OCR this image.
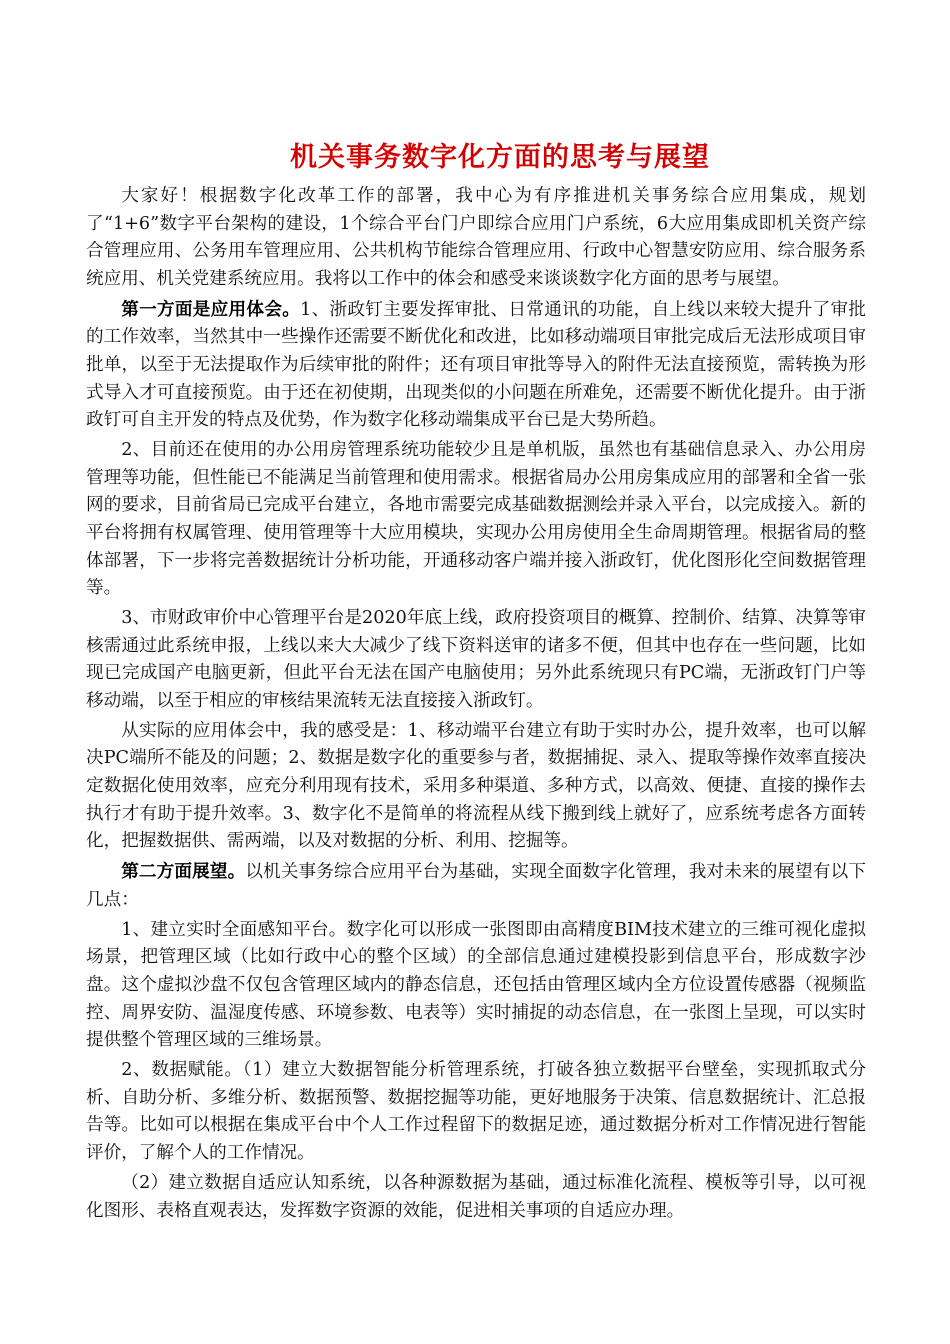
机关事务数字化方面的思考与展望

大家好！根据数字化改革工作的部署，我中心为有序推进机关事务综合应用集成，规划了“1+6”数字平台架构的建设，1个综合平台门户即综合应用门户系统，6大应用集成即机关资产综合管理应用、公务用车管理应用、公共机构节能综合管理应用、行政中心智慧安防应用、综合服务系统应用、机关党建系统应用。我将以工作中的体会和感受来谈谈数字化方面的思考与展望。

第一方面是应用体会。1、浙政钉主要发挥审批、日常通讯的功能，自上线以来较大提升了审批的工作效率，当然其中一些操作还需要不断优化和改进，比如移动端项目审批完成后无法形成项目审批单，以至于无法提取作为后续审批的附件；还有项目审批等导入的附件无法直接预览，需转换为形式导入才可直接预览。由于还在初使期，出现类似的小问题在所难免，还需要不断优化提升。由于浙政钉可自主开发的特点及优势，作为数字化移动端集成平台已是大势所趋。

2、目前还在使用的办公用房管理系统功能较少且是单机版，虽然也有基础信息录入、办公用房管理等功能，但性能已不能满足当前管理和使用需求。根据省局办公用房集成应用的部署和全省一张网的要求，目前省局已完成平台建立，各地市需要完成基础数据测绘并录入平台，以完成接入。新的平台将拥有权属管理、使用管理等十大应用模块，实现办公用房使用全生命周期管理。根据省局的整体部署，下一步将完善数据统计分析功能，开通移动客户端并接入浙政钉，优化图形化空间数据管理等。

3、市财政审价中心管理平台是2020年底上线，政府投资项目的概算、控制价、结算、决算等审核需通过此系统申报，上线以来大大减少了线下资料送审的诸多不便，但其中也存在一些问题，比如现已完成国产电脑更新，但此平台无法在国产电脑使用；另外此系统现只有PC端，无浙政钉门户等移动端，以至于相应的审核结果流转无法直接接入浙政钉。

从实际的应用体会中，我的感受是：1、移动端平台建立有助于实时办公，提升效率，也可以解决PC端所不能及的问题；2、数据是数字化的重要参与者，数据捕捉、录入、提取等操作效率直接决定数据化使用效率，应充分利用现有技术，采用多种渠道、多种方式，以高效、便捷、直接的操作去执行才有助于提升效率。3、数字化不是简单的将流程从线下搬到线上就好了，应系统考虑各方面转化，把握数据供、需两端，以及对数据的分析、利用、挖掘等。

第二方面展望。以机关事务综合应用平台为基础，实现全面数字化管理，我对未来的展望有以下几点：

1、建立实时全面感知平台。数字化可以形成一张图即由高精度BIM技术建立的三维可视化虚拟场景，把管理区域（比如行政中心的整个区域）的全部信息通过建模投影到信息平台，形成数字沙盘。这个虚拟沙盘不仅包含管理区域内的静态信息，还包括由管理区域内全方位设置传感器（视频监控、周界安防、温湿度传感、环境参数、电表等）实时捕捉的动态信息，在一张图上呈现，可以实时提供整个管理区域的三维场景。

2、数据赋能。（1）建立大数据智能分析管理系统，打破各独立数据平台壁垒，实现抓取式分析、自助分析、多维分析、数据预警、数据挖掘等功能，更好地服务于决策、信息数据统计、汇总报告等。比如可以根据在集成平台中个人工作过程留下的数据足迹，通过数据分析对工作情况进行智能评价，了解个人的工作情况。

（2）建立数据自适应认知系统，以各种源数据为基础，通过标准化流程、模板等引导，以可视化图形、表格直观表达，发挥数字资源的效能，促进相关事项的自适应办理。
